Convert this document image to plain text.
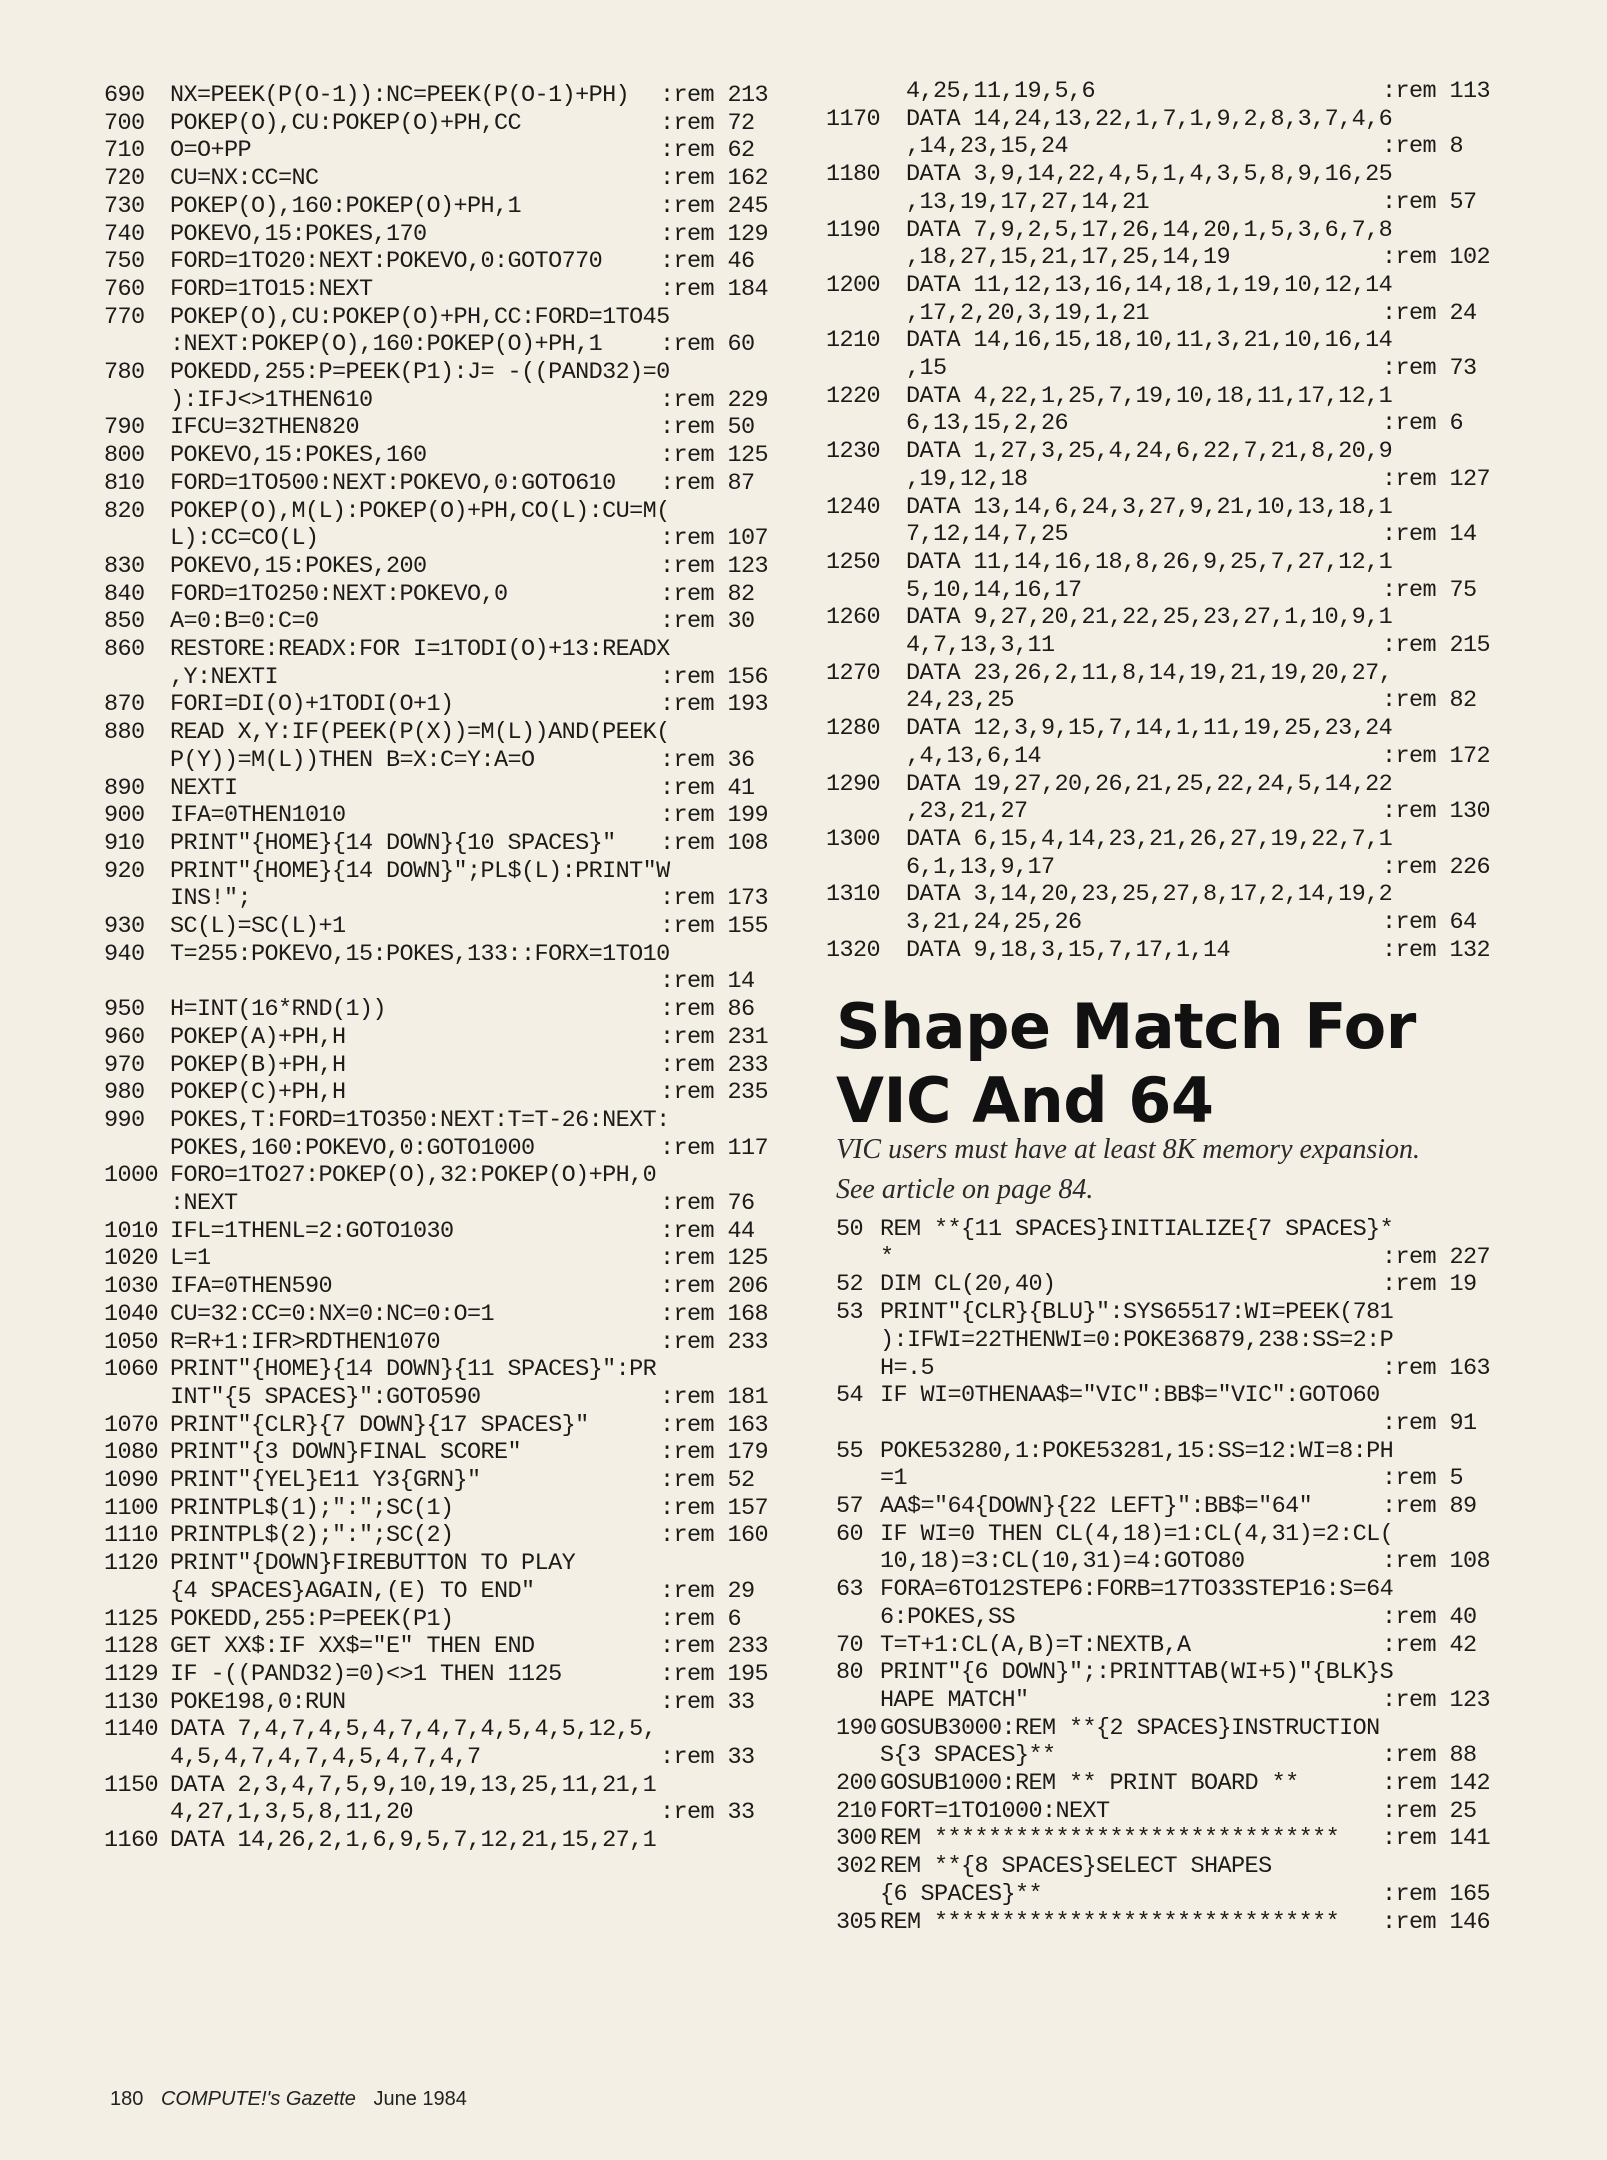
690 NX=PEEK(P(O-1)):NC=PEEK(P(O-1)+PH) :rem 213
700 POKEP(O),CU:POKEP(O)+PH,CC	:rem 72
710 O=O+PP	:rem 62
720 CU=NX:CC=NC	:rem 162
730 POKEP(O),160:POKEP(O)+PH,1	:rem 245
740 POKEVO,15:POKES,170	:rem 129
750 FORD=1TO20:NEXT:POKEVO,0:GOTO770 :rem 46
760 FORD=1TO15:NEXT	:rem 184
770 POKEP(O),CU:POKEP(O)+PH,CC:FORD=1TO45
:NEXT:POKEP(O),160:POKEP(O)+PH,1 :rem 60
780 POKEDD,255:P=PEEK(P1):J= -((PAND32)=0
):IFJ<>1THEN610	:rem 229
790 IFCU=32THEN820	:rem 50
800 POKEVO,15:POKES,160	:rem 125
810 FORD=1TO500:NEXT:POKEVO,0:GOTO610 :rem 87
820 POKEP(O),M(L):POKEP(O)+PH,CO(L):CU=M(
L):CC=CO(L)	:rem 107
830 POKEVO,15:POKES,200	:rem 123
840 FORD=1TO250:NEXT:POKEVO,0	:rem 82
850 A=0:B=0:C=0	:rem 30
860 RESTORE:READX:FOR I=1TODI(O)+13:READX
,Y:NEXTI	:rem 156
870 FORI=DI(O)+1TODI(O+1)	:rem 193
880 READ X,Y:IF(PEEK(P(X))=M(L))AND(PEEK(
P(Y))=M(L))THEN B=X:C=Y:A=O	:rem 36
890 NEXTI	:rem 41
900 IFA=0THEN1010	:rem 199
910 PRINT"{HOME}{14 DOWN}{10 SPACES}" :rem 108
920 PRINT"{HOME}{14 DOWN}";PL$(L):PRINT"W
INS!";	:rem 173
930 SC(L)=SC(L)+1	:rem 155
940 T=255:POKEVO,15:POKES,133::FORX=1TO10
:rem 14
950 H=INT(16*RND(1))	:rem 86
960 POKEP(A)+PH,H	:rem 231
970 POKEP(B)+PH,H	:rem 233
980 POKEP(C)+PH,H	:rem 235
990 POKES,T:FORD=1TO350:NEXT:T=T-26:NEXT:
POKES,160:POKEVO,0:GOTO1000	:rem 117
1000 FORO=1TO27:POKEP(O),32:POKEP(O)+PH,0
:NEXT	:rem 76
1010 IFL=1THENL=2:GOTO1030	:rem 44
1020 L=1	:rem 125
1030 IFA=0THEN590	:rem 206
1040 CU=32:CC=0:NX=0:NC=0:O=1	:rem 168
1050 R=R+1:IFR>RDTHEN1070	:rem 233
1060 PRINT"{HOME}{14 DOWN}{11 SPACES}":PR
INT"{5 SPACES}":GOTO590	:rem 181
1070 PRINT"{CLR}{7 DOWN}{17 SPACES}"	:rem 163
1080 PRINT"{3 DOWN}FINAL SCORE"	:rem 179
1090 PRINT"{YEL}E11 Y3{GRN}"	:rem 52
1100 PRINTPL$(1);":";SC(1)	:rem 157
1110 PRINTPL$(2);":";SC(2)	:rem 160
1120 PRINT"{DOWN}FIREBUTTON TO PLAY
{4 SPACES}AGAIN,(E) TO END"	:rem 29
1125 POKEDD,255:P=PEEK(P1)	:rem 6
1128 GET XX$:IF XX$="E" THEN END	:rem 233
1129 IF -((PAND32)=0)<>1 THEN 1125	:rem 195
1130 POKE198,0:RUN	:rem 33
1140 DATA 7,4,7,4,5,4,7,4,7,4,5,4,5,12,5,
4,5,4,7,4,7,4,5,4,7,4,7	:rem 33
1150 DATA 2,3,4,7,5,9,10,19,13,25,11,21,1
4,27,1,3,5,8,11,20	:rem 33
1160 DATA 14,26,2,1,6,9,5,7,12,21,15,27,1
4,25,11,19,5,6	:rem 113
1170 DATA 14,24,13,22,1,7,1,9,2,8,3,7,4,6
,14,23,15,24	:rem 8
1180 DATA 3,9,14,22,4,5,1,4,3,5,8,9,16,25
,13,19,17,27,14,21	:rem 57
1190 DATA 7,9,2,5,17,26,14,20,1,5,3,6,7,8
,18,27,15,21,17,25,14,19	:rem 102
1200 DATA 11,12,13,16,14,18,1,19,10,12,14
,17,2,20,3,19,1,21	:rem 24
1210 DATA 14,16,15,18,10,11,3,21,10,16,14
,15	:rem 73
1220 DATA 4,22,1,25,7,19,10,18,11,17,12,1
6,13,15,2,26	:rem 6
1230 DATA 1,27,3,25,4,24,6,22,7,21,8,20,9
,19,12,18	:rem 127
1240 DATA 13,14,6,24,3,27,9,21,10,13,18,1
7,12,14,7,25	:rem 14
1250 DATA 11,14,16,18,8,26,9,25,7,27,12,1
5,10,14,16,17	:rem 75
1260 DATA 9,27,20,21,22,25,23,27,1,10,9,1
4,7,13,3,11	:rem 215
1270 DATA 23,26,2,11,8,14,19,21,19,20,27,
24,23,25	:rem 82
1280 DATA 12,3,9,15,7,14,1,11,19,25,23,24
,4,13,6,14	:rem 172
1290 DATA 19,27,20,26,21,25,22,24,5,14,22
,23,21,27	:rem 130
1300 DATA 6,15,4,14,23,21,26,27,19,22,7,1
6,1,13,9,17	:rem 226
1310 DATA 3,14,20,23,25,27,8,17,2,14,19,2
3,21,24,25,26	:rem 64
1320 DATA 9,18,3,15,7,17,1,14	:rem 132
50 REM **{11 SPACES}INITIALIZE{7 SPACES}*
*	:rem 227
52 DIM CL(20,40)	:rem 19
53 PRINT"{CLR}{BLU}":SYS65517:WI=PEEK(781
):IFWI=22THENWI=0:POKE36879,238:SS=2:P
H=.5	:rem 163
54 IF WI=0THENAA$="VIC":BB$="VIC":GOTO60
:rem 91
55 POKE53280,1:POKE53281,15:SS=12:WI=8:PH
=1	:rem 5
57 AA$="64{DOWN}{22 LEFT}":BB$="64"	:rem 89
60 IF WI=0 THEN CL(4,18)=1:CL(4,31)=2:CL(
10,18)=3:CL(10,31)=4:GOTO80	:rem 108
63 FORA=6TO12STEP6:FORB=17TO33STEP16:S=64
6:POKES,SS	:rem 40
70 T=T+1:CL(A,B)=T:NEXTB,A	:rem 42
80 PRINT"{6 DOWN}";:PRINTTAB(WI+5)"{BLK}S
HAPE MATCH"	:rem 123
190 GOSUB3000:REM **{2 SPACES}INSTRUCTION
S{3 SPACES}**	:rem 88
200 GOSUB1000:REM ** PRINT BOARD **	:rem 142
210 FORT=1TO1000:NEXT	:rem 25
300 REM ****************************** :rem 141
302 REM **{8 SPACES}SELECT SHAPES
{6 SPACES}**	:rem 165
305 REM ****************************** :rem 146
Shape Match For
VIC And 64
VIC users must have at least 8K memory expansion.
See article on page 84.
180 COMPUTE!'s Gazette June 1984
